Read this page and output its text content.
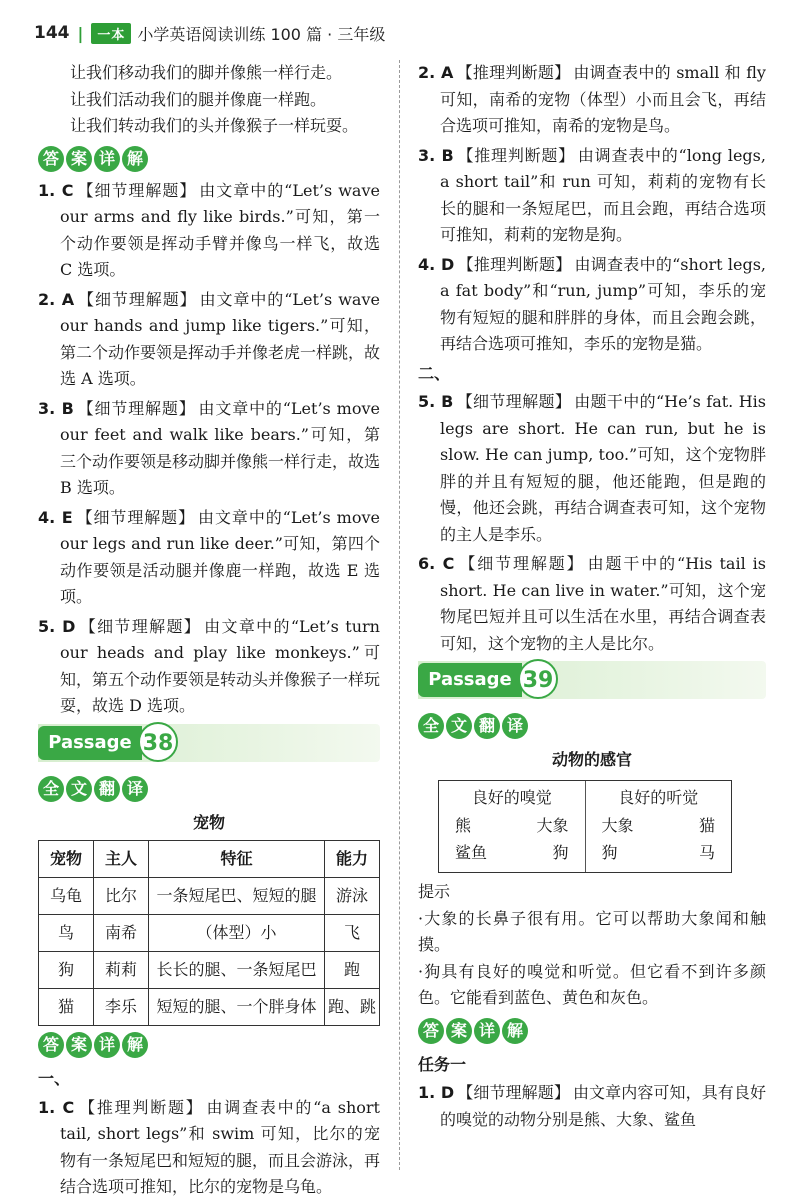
144 |	一本 小学英语阅读训练 100 篇 · 三年级

让我们移动我们的脚并像熊一样行走。

让我们活动我们的腿并像鹿一样跑。

让我们转动我们的头并像猴子一样玩耍。

答 案 详 解

1. C 【细节理解题】 由文章中的“Let’s wave our arms and fly like birds.”可知，第一个动作要领是挥动手臂并像鸟一样飞，故选 C 选项。

2. A 【细节理解题】 由文章中的“Let’s wave our hands and jump like tigers.”可知，第二个动作要领是挥动手并像老虎一样跳，故选 A 选项。

3. B 【细节理解题】 由文章中的“Let’s move our feet and walk like bears.”可知，第三个动作要领是移动脚并像熊一样行走，故选 B 选项。

4. E 【细节理解题】 由文章中的“Let’s move our legs and run like deer.”可知，第四个动作要领是活动腿并像鹿一样跑，故选 E 选项。

5. D 【细节理解题】 由文章中的“Let’s turn our heads and play like monkeys.”可知，第五个动作要领是转动头并像猴子一样玩耍，故选 D 选项。

Passage 38
全 文 翻 译
宠物
宠物	主人	特征	能力
乌龟	比尔	一条短尾巴、短短的腿	游泳
鸟	南希	（体型）小	飞
狗	莉莉	长长的腿、一条短尾巴	跑
猫	李乐	短短的腿、一个胖身体	跑、跳
答 案 详 解
一、

1. C 【推理判断题】 由调查表中的“a short tail, short legs”和 swim 可知，比尔的宠物有一条短尾巴和短短的腿，而且会游泳，再结合选项可推知，比尔的宠物是乌龟。

2. A 【推理判断题】 由调查表中的 small 和 fly 可知，南希的宠物（体型）小而且会飞，再结合选项可推知，南希的宠物是鸟。

3. B 【推理判断题】 由调查表中的“long legs, a short tail”和 run 可知，莉莉的宠物有长长的腿和一条短尾巴，而且会跑，再结合选项可推知，莉莉的宠物是狗。

4. D 【推理判断题】 由调查表中的“short legs, a fat body”和“run, jump”可知，李乐的宠物有短短的腿和胖胖的身体，而且会跑会跳，再结合选项可推知，李乐的宠物是猫。

二、

5. B 【细节理解题】 由题干中的“He’s fat. His legs are short. He can run, but he is slow. He can jump, too.”可知，这个宠物胖胖的并且有短短的腿，他还能跑，但是跑的慢，他还会跳，再结合调查表可知，这个宠物的主人是李乐。

6. C 【细节理解题】 由题干中的“His tail is short. He can live in water.”可知，这个宠物尾巴短并且可以生活在水里，再结合调查表可知，这个宠物的主人是比尔。

Passage 39
全 文 翻 译
动物的感官
良好的嗅觉
熊	大象
鲨鱼	狗
良好的听觉
大象	猫
狗	马

提示

·大象的长鼻子很有用。它可以帮助大象闻和触摸。

·狗具有良好的嗅觉和听觉。但它看不到许多颜色。它能看到蓝色、黄色和灰色。

答 案 详 解
任务一

1. D 【细节理解题】 由文章内容可知，具有良好的嗅觉的动物分别是熊、大象、鲨鱼
